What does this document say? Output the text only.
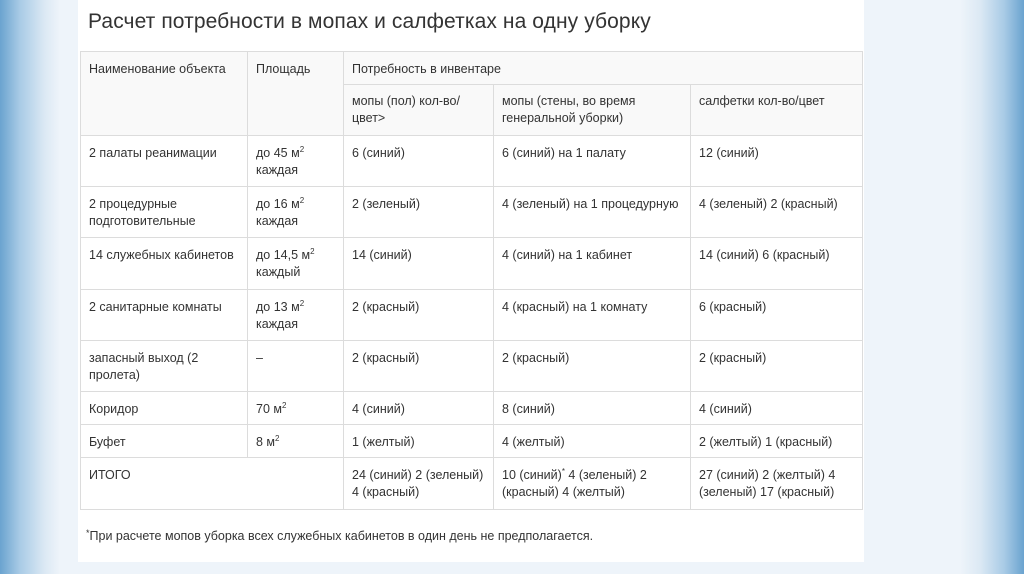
Расчет потребности в мопах и салфетках на одну уборку
Наименование объекта	Площадь	Потребность в инвентаре		
		мопы (пол) кол-во/цвет>	мопы (стены, во время генеральной уборки)	салфетки кол-во/цвет
2 палаты реанимации	до 45 $м^2$ каждая	6 (синий)	6 (синий) на 1 палату	12 (синий)
2 процедурные подготовительные	до 16 $м^2$ каждая	2 (зеленый)	4 (зеленый) на 1 процедурную	4 (зеленый) 2 (красный)
14 служебных кабинетов	до 14,5 $м^2$ каждый	14 (синий)	4 (синий) на 1 кабинет	14 (синий) 6 (красный)
2 санитарные комнаты	до 13 $м^2$ каждая	2 (красный)	4 (красный) на 1 комнату	6 (красный)
запасный выход (2 пролета)	–	2 (красный)	2 (красный)	2 (красный)
Коридор	70 $м^2$	4 (синий)	8 (синий)	4 (синий)
Буфет	8 $м^2$	1 (желтый)	4 (желтый)	2 (желтый) 1 (красный)
ИТОГО		24 (синий) 2 (зеленый) 4 (красный)	10 (синий)* 4 (зеленый) 2 (красный) 4 (желтый)	27 (синий) 2 (желтый) 4 (зеленый) 17 (красный)
*При расчете мопов уборка всех служебных кабинетов в один день не предполагается.
